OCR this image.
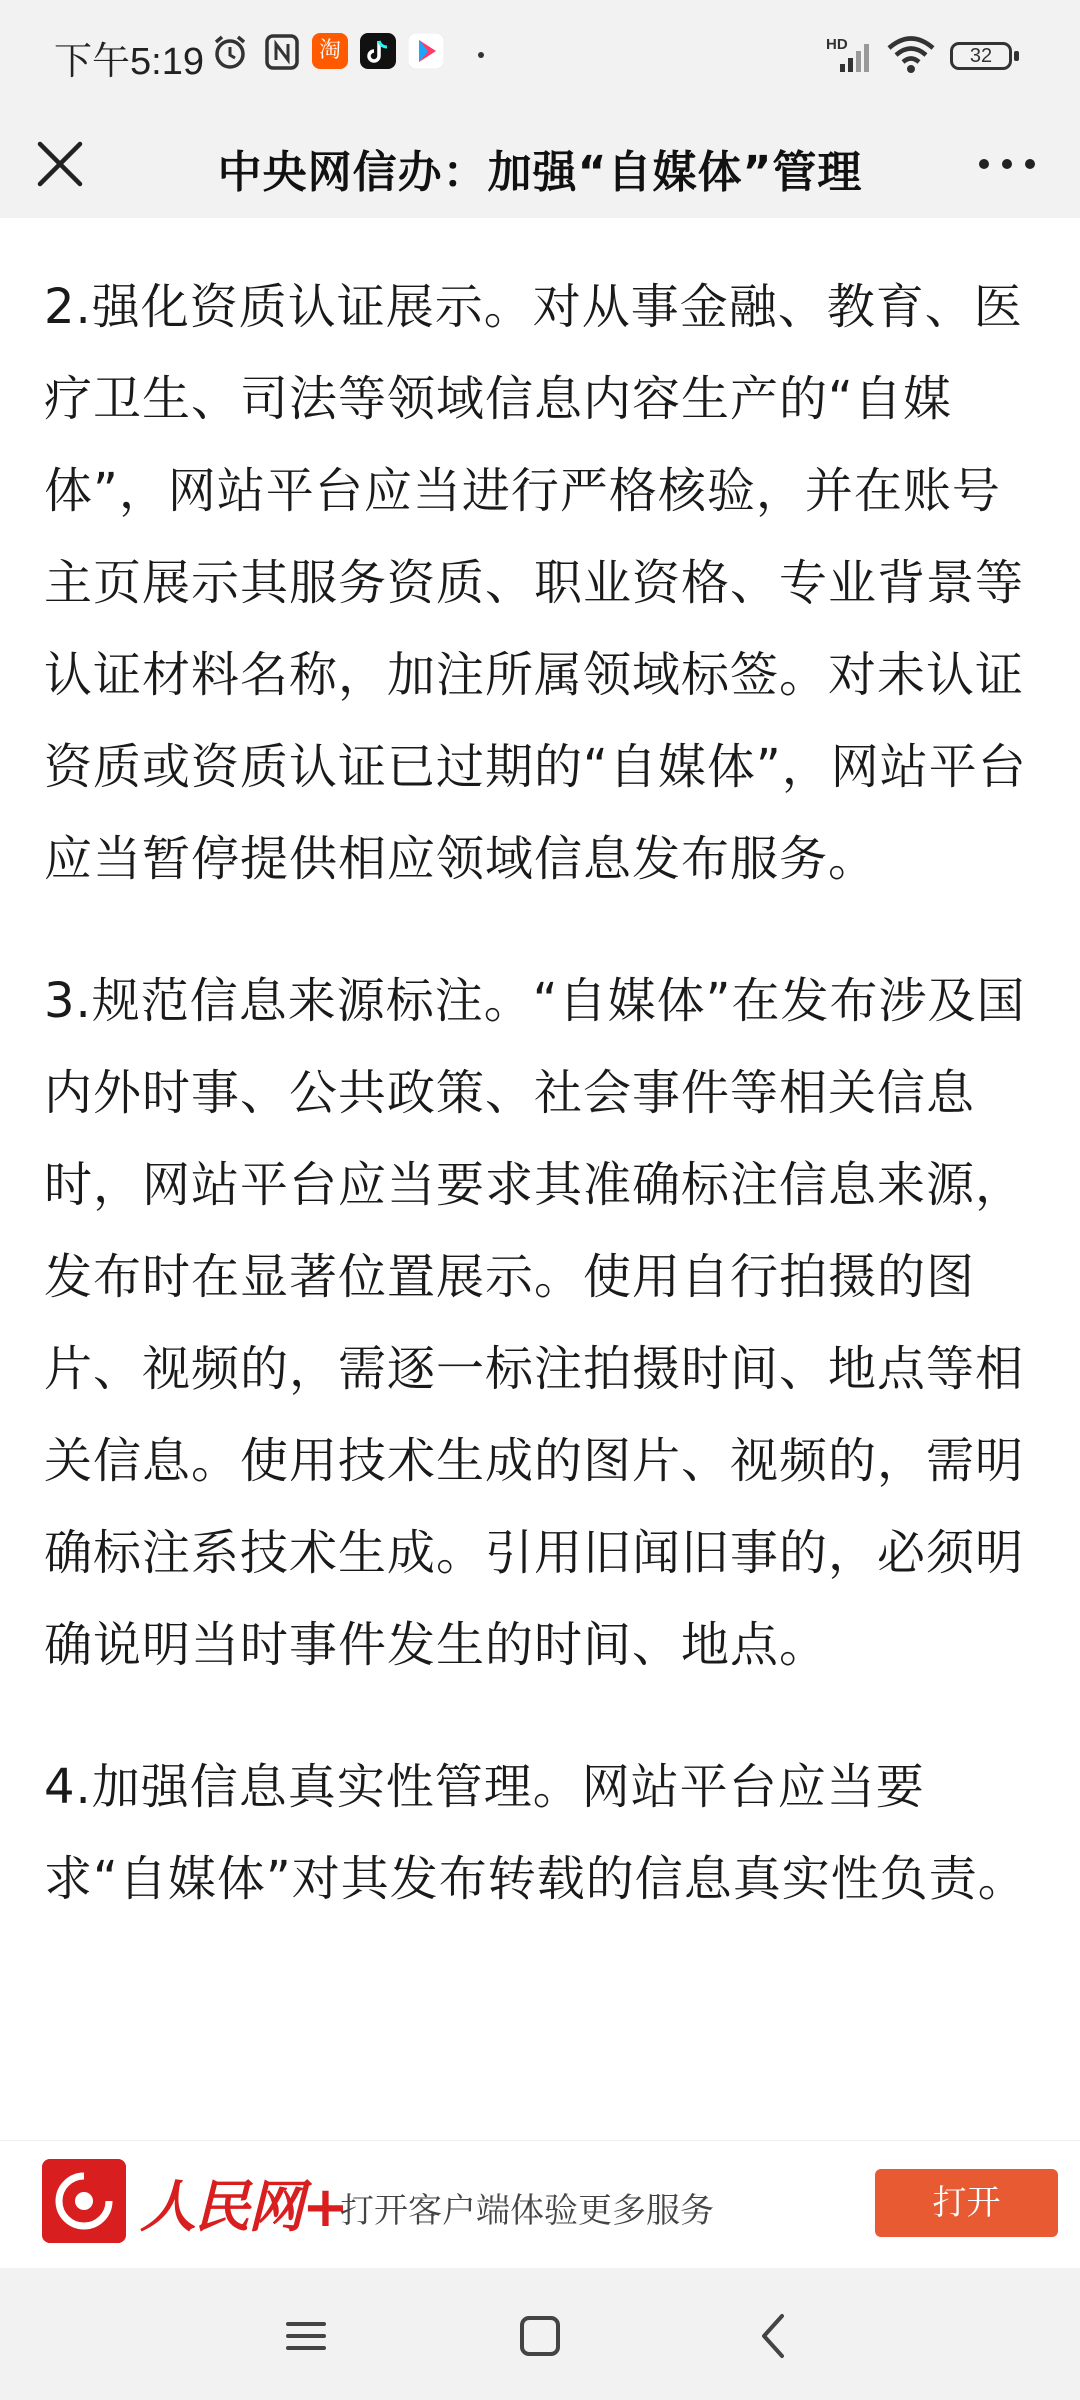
下午5:19	淘	HD
32
中央网信办：加强“自媒体”管理

2.强化资质认证展示。对从事金融、教育、医疗卫生、司法等领域信息内容生产的“自媒体”，网站平台应当进行严格核验，并在账号主页展示其服务资质、职业资格、专业背景等认证材料名称，加注所属领域标签。对未认证资质或资质认证已过期的“自媒体”，网站平台应当暂停提供相应领域信息发布服务。

3.规范信息来源标注。“自媒体”在发布涉及国内外时事、公共政策、社会事件等相关信息时，网站平台应当要求其准确标注信息来源，发布时在显著位置展示。使用自行拍摄的图片、视频的，需逐一标注拍摄时间、地点等相关信息。使用技术生成的图片、视频的，需明确标注系技术生成。引用旧闻旧事的，必须明确说明当时事件发生的时间、地点。

4.加强信息真实性管理。网站平台应当要求“自媒体”对其发布转载的信息真实性负责。

人民网+
打开客户端体验更多服务	打开
